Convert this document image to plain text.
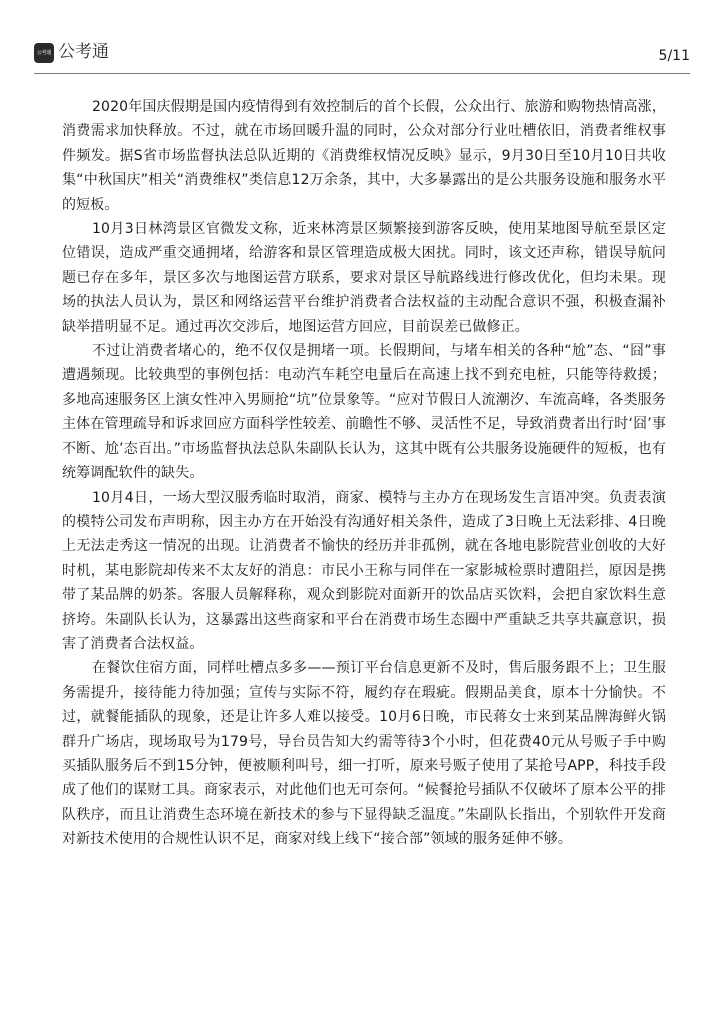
公考通 公考通	5/11

2020年国庆假期是国内疫情得到有效控制后的首个长假，公众出行、旅游和购物热情高涨，消费需求加快释放。不过，就在市场回暖升温的同时，公众对部分行业吐槽依旧，消费者维权事件频发。据S省市场监督执法总队近期的《消费维权情况反映》显示，9月30日至10月10日共收集“中秋国庆”相关“消费维权”类信息12万余条，其中，大多暴露出的是公共服务设施和服务水平的短板。

10月3日林湾景区官微发文称，近来林湾景区频繁接到游客反映，使用某地图导航至景区定位错误，造成严重交通拥堵，给游客和景区管理造成极大困扰。同时，该文还声称，错误导航问题已存在多年，景区多次与地图运营方联系，要求对景区导航路线进行修改优化，但均未果。现场的执法人员认为，景区和网络运营平台维护消费者合法权益的主动配合意识不强，积极查漏补缺举措明显不足。通过再次交涉后，地图运营方回应，目前误差已做修正。

不过让消费者堵心的，绝不仅仅是拥堵一项。长假期间，与堵车相关的各种“尬”态、“囧”事遭遇频现。比较典型的事例包括：电动汽车耗空电量后在高速上找不到充电桩，只能等待救援；多地高速服务区上演女性冲入男厕抢“坑”位景象等。“应对节假日人流潮汐、车流高峰，各类服务主体在管理疏导和诉求回应方面科学性较差、前瞻性不够、灵活性不足，导致消费者出行时‘囧’事不断、尬’态百出。”市场监督执法总队朱副队长认为，这其中既有公共服务设施硬件的短板，也有统筹调配软件的缺失。

10月4日，一场大型汉服秀临时取消，商家、模特与主办方在现场发生言语冲突。负责表演的模特公司发布声明称，因主办方在开始没有沟通好相关条件，造成了3日晚上无法彩排、4日晚上无法走秀这一情况的出现。让消费者不愉快的经历并非孤例，就在各地电影院营业创收的大好时机，某电影院却传来不太友好的消息：市民小王称与同伴在一家影城检票时遭阻拦，原因是携带了某品牌的奶茶。客服人员解释称，观众到影院对面新开的饮品店买饮料，会把自家饮料生意挤垮。朱副队长认为，这暴露出这些商家和平台在消费市场生态圈中严重缺乏共享共赢意识，损害了消费者合法权益。

在餐饮住宿方面，同样吐槽点多多——预订平台信息更新不及时，售后服务跟不上；卫生服务需提升，接待能力待加强；宣传与实际不符，履约存在瑕疵。假期品美食，原本十分愉快。不过，就餐能插队的现象，还是让许多人难以接受。10月6日晚，市民蒋女士来到某品牌海鲜火锅群升广场店，现场取号为179号，导台员告知大约需等待3个小时，但花费40元从号贩子手中购买插队服务后不到15分钟，便被顺利叫号，细一打听，原来号贩子使用了某抢号APP，科技手段成了他们的谋财工具。商家表示，对此他们也无可奈何。“候餐抢号插队不仅破坏了原本公平的排队秩序，而且让消费生态环境在新技术的参与下显得缺乏温度。”朱副队长指出，个别软件开发商对新技术使用的合规性认识不足，商家对线上线下“接合部”领域的服务延伸不够。
